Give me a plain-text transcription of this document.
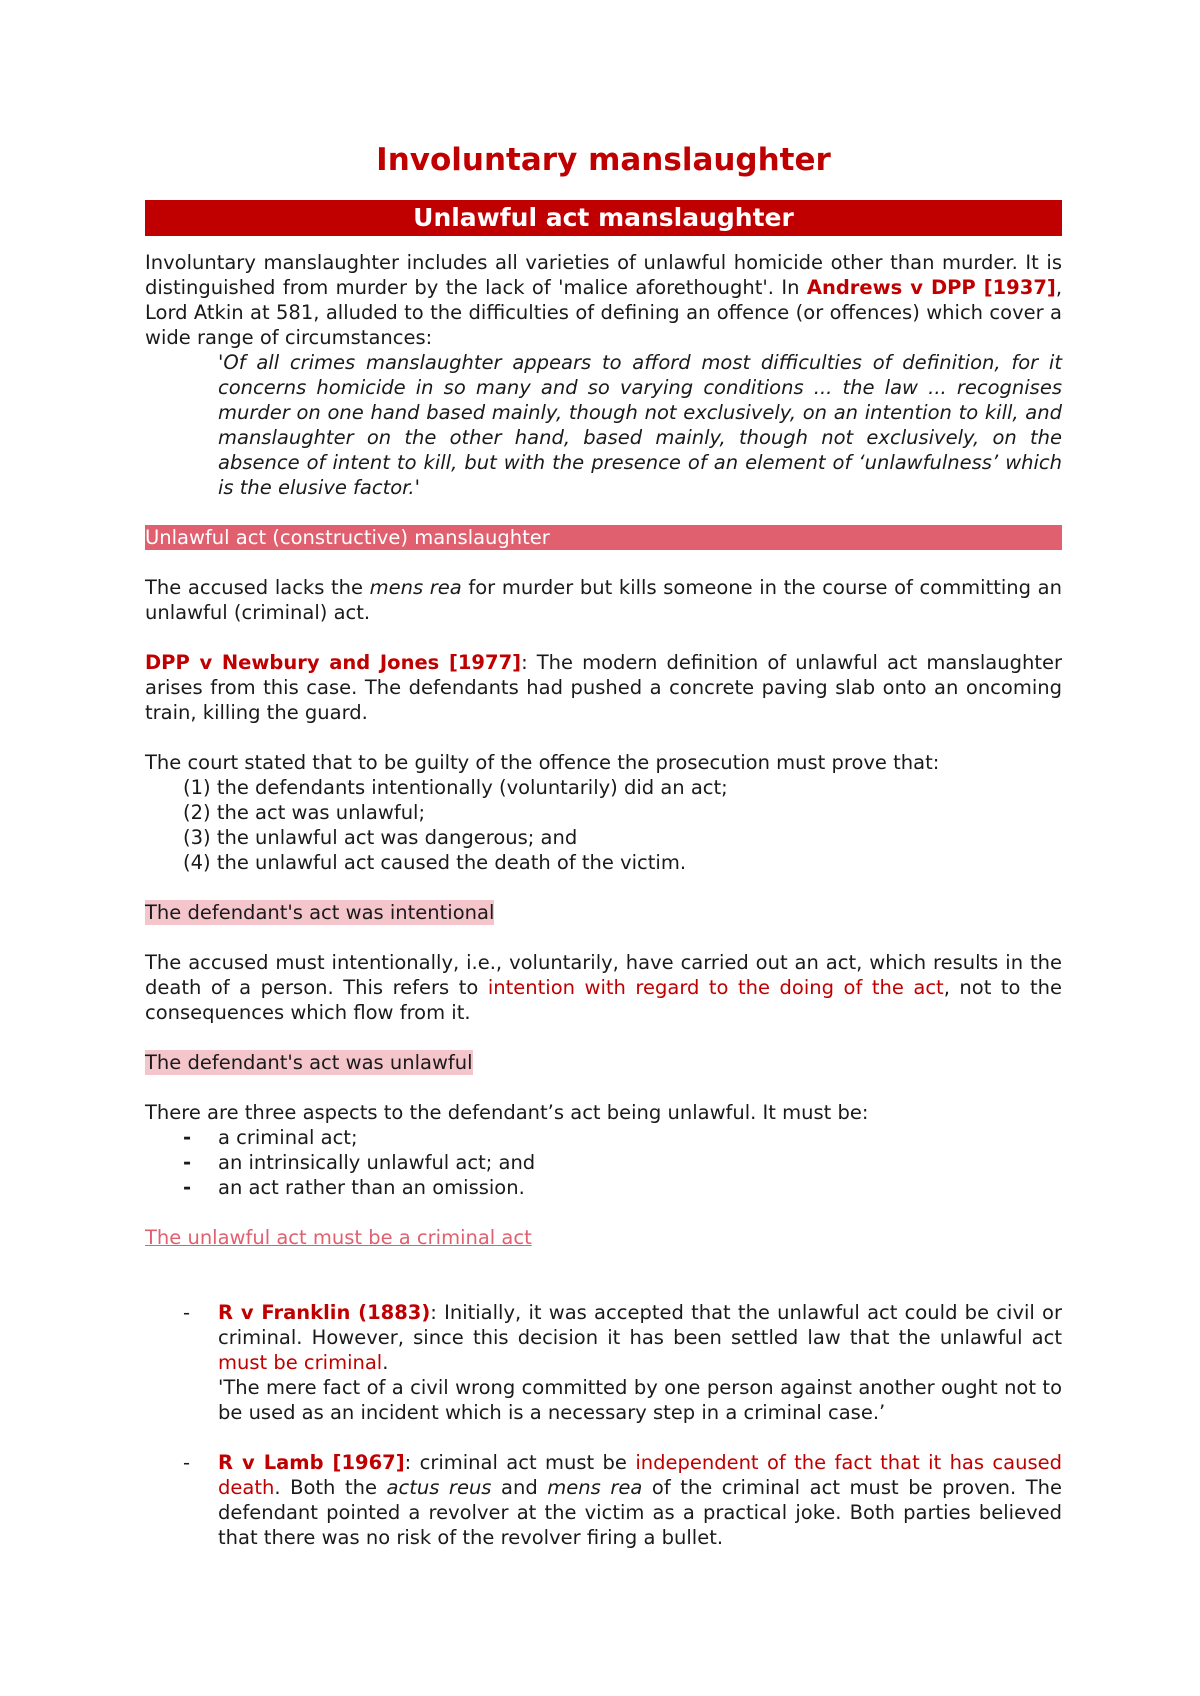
Involuntary manslaughter
Unlawful act manslaughter

Involuntary manslaughter includes all varieties of unlawful homicide other than murder. It is distinguished from murder by the lack of 'malice aforethought'. In Andrews v DPP [1937], Lord Atkin at 581, alluded to the difficulties of defining an offence (or offences) which cover a wide range of circumstances:

'Of all crimes manslaughter appears to afford most difficulties of definition, for it concerns homicide in so many and so varying conditions ... the law ... recognises murder on one hand based mainly, though not exclusively, on an intention to kill, and manslaughter on the other hand, based mainly, though not exclusively, on the absence of intent to kill, but with the presence of an element of ‘unlawfulness’ which is the elusive factor.'

Unlawful act (constructive) manslaughter

The accused lacks the mens rea for murder but kills someone in the course of committing an unlawful (criminal) act.

DPP v Newbury and Jones [1977]: The modern definition of unlawful act manslaughter arises from this case. The defendants had pushed a concrete paving slab onto an oncoming train, killing the guard.

The court stated that to be guilty of the offence the prosecution must prove that:

(1) the defendants intentionally (voluntarily) did an act;
(2) the act was unlawful;
(3) the unlawful act was dangerous; and
(4) the unlawful act caused the death of the victim.
The defendant's act was intentional

The accused must intentionally, i.e., voluntarily, have carried out an act, which results in the death of a person. This refers to intention with regard to the doing of the act, not to the consequences which flow from it.

The defendant's act was unlawful

There are three aspects to the defendant’s act being unlawful. It must be:

- a criminal act;
- an intrinsically unlawful act; and
- an act rather than an omission.
The unlawful act must be a criminal act
- R v Franklin (1883): Initially, it was accepted that the unlawful act could be civil or criminal. However, since this decision it has been settled law that the unlawful act must be criminal.
'The mere fact of a civil wrong committed by one person against another ought not to be used as an incident which is a necessary step in a criminal case.’
- R v Lamb [1967]: criminal act must be independent of the fact that it has caused death. Both the actus reus and mens rea of the criminal act must be proven. The defendant pointed a revolver at the victim as a practical joke. Both parties believed that there was no risk of the revolver firing a bullet.
